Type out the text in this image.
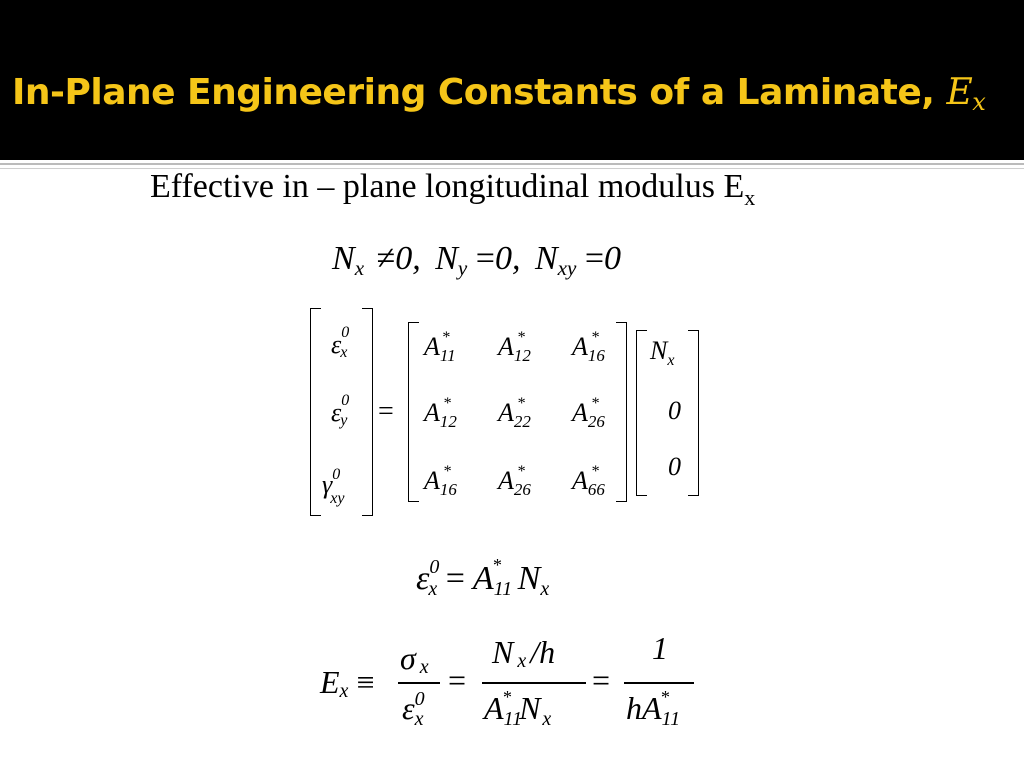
In-Plane Engineering Constants of a Laminate, $E_x$
Effective in – plane longitudinal modulus $E_x$
Nx ≠0, Ny =0, Nxy =0
$\varepsilon^0x$
$\varepsilon^0y$
$\gamma^0_{xy}$
=
$A_{11}^*$ $A_{12}^*$ $A_{16}^*$
$A_{12}^*$ $A_{22}^*$ $A_{26}^*$
$A_{16}^*$ $A_{26}^*$ $A_{66}^*$
$N_x$
0
0
$\varepsilon^0x = A11^*$ Nx
Ex ≡
σx
$\varepsilon^0x$
=
Nx /h
A11* N x
=
1
hA11*
